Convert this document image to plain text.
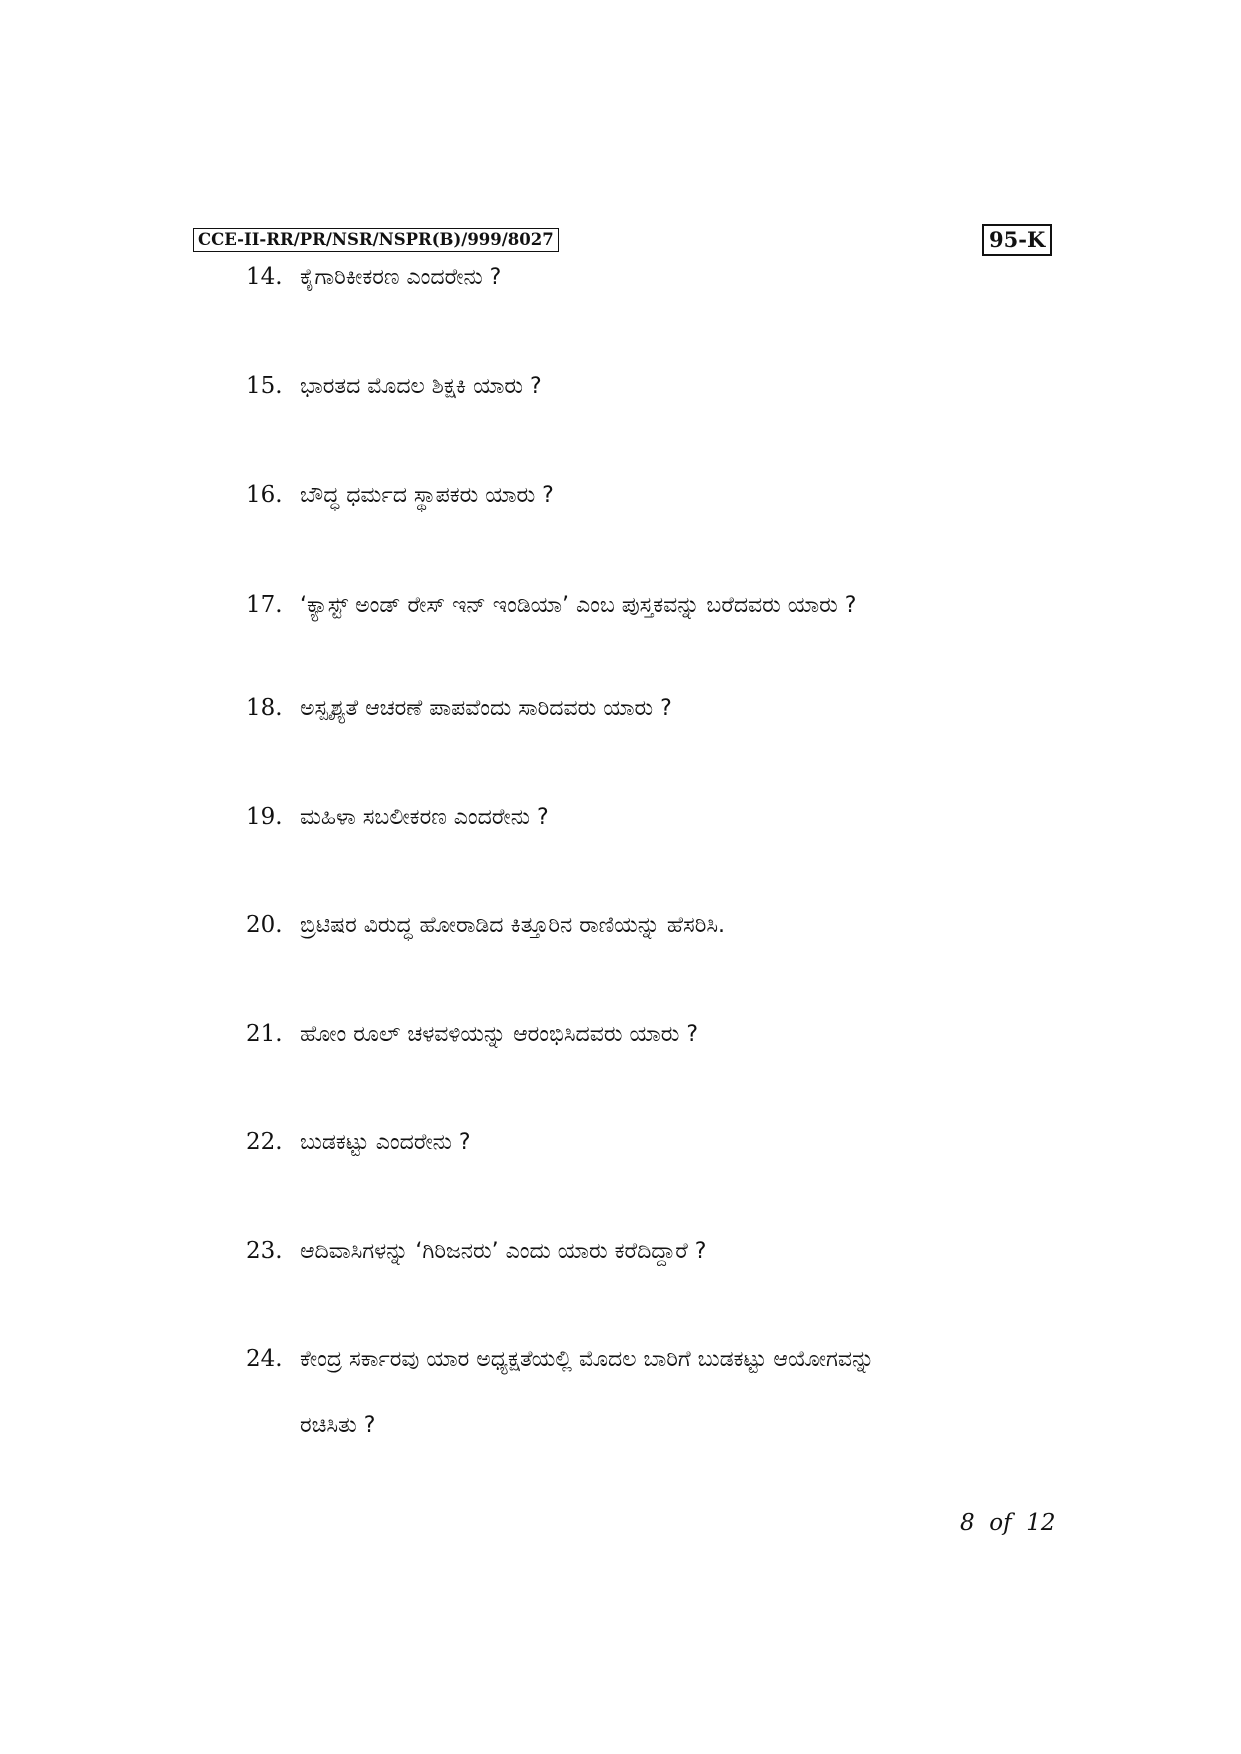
CCE-II-RR/PR/NSR/NSPR(B)/999/8027	95-K
14. ಕೈಗಾರಿಕೀಕರಣ ಎಂದರೇನು ?
15. ಭಾರತದ ಮೊದಲ ಶಿಕ್ಷಕಿ ಯಾರು ?
16. ಬೌದ್ಧ ಧರ್ಮದ ಸ್ಥಾಪಕರು ಯಾರು ?
17. ‘ಕ್ಯಾಸ್ಟ್ ಅಂಡ್ ರೇಸ್ ಇನ್ ಇಂಡಿಯಾ’ ಎಂಬ ಪುಸ್ತಕವನ್ನು ಬರೆದವರು ಯಾರು ?
18. ಅಸ್ಪೃಶ್ಯತೆ ಆಚರಣೆ ಪಾಪವೆಂದು ಸಾರಿದವರು ಯಾರು ?
19. ಮಹಿಳಾ ಸಬಲೀಕರಣ ಎಂದರೇನು ?
20. ಬ್ರಿಟಿಷರ ವಿರುದ್ಧ ಹೋರಾಡಿದ ಕಿತ್ತೂರಿನ ರಾಣಿಯನ್ನು ಹೆಸರಿಸಿ.
21. ಹೋಂ ರೂಲ್ ಚಳವಳಿಯನ್ನು ಆರಂಭಿಸಿದವರು ಯಾರು ?
22. ಬುಡಕಟ್ಟು ಎಂದರೇನು ?
23. ಆದಿವಾಸಿಗಳನ್ನು ‘ಗಿರಿಜನರು’ ಎಂದು ಯಾರು ಕರೆದಿದ್ದಾರೆ ?
24. ಕೇಂದ್ರ ಸರ್ಕಾರವು ಯಾರ ಅಧ್ಯಕ್ಷತೆಯಲ್ಲಿ ಮೊದಲ ಬಾರಿಗೆ ಬುಡಕಟ್ಟು ಆಯೋಗವನ್ನು
ರಚಿಸಿತು ?
8  of  12
